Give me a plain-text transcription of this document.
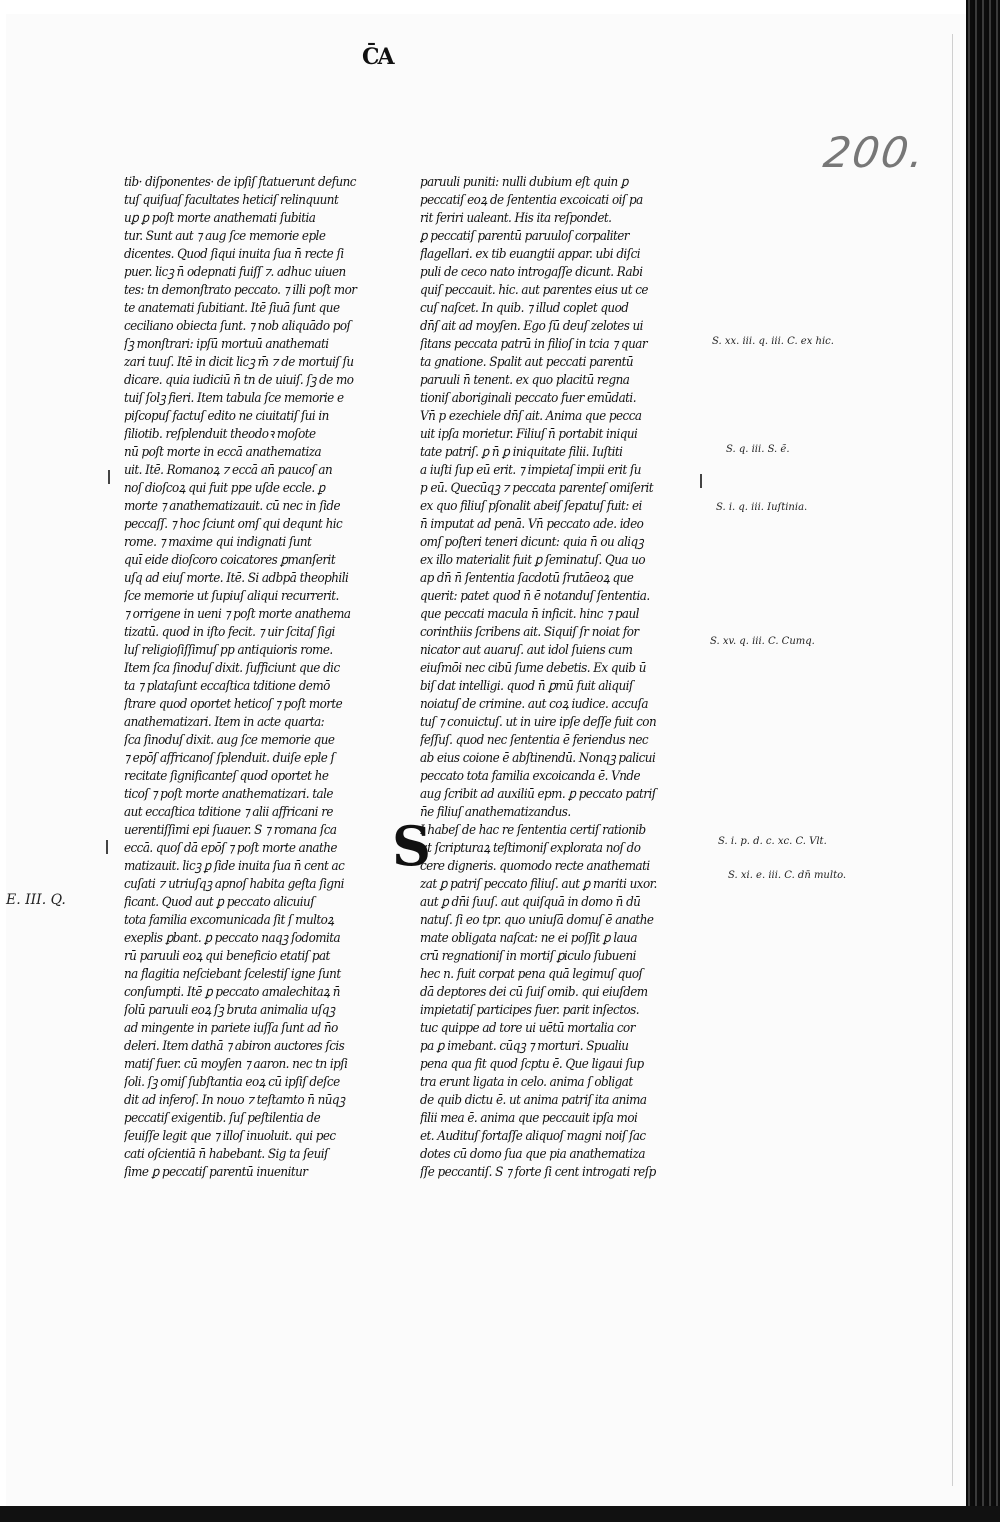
C̄A
200.

tib· diſponentes· de ipſiſ ſtatuerunt defunc

tuſ quiſuaſ facultates heticiſ relinquunt

uꝑ ꝑ poſt morte anathemati ſubitia

tur. Sunt aut ⁊ aug ſce memorie eple

dicentes. Quod ſiqui inuita ſua n̄ recte ſi

puer. licꝫ n̄ odepnati fuiſſ ⁊. adhuc uiuen

tes: t̄n demonſtrato peccato. ⁊ illi poſt mor

te anatemati ſubitiant. Itē ſiuā ſunt que

ceciliano obiecta ſunt. ⁊ nob aliquādo poſ

ſꝫ monſtrari: ipſū mortuū anathemati

zari tuuſ. Itē in dicit licꝫ m̄ ⁊ de mortuiſ ſu

dicare. quia iudiciū n̄ t̄n de uiuiſ. ſꝫ de mo

tuiſ ſolꝫ fieri. Item tabula ſce memorie e

piſcopuſ factuſ edito ne ciuitatiſ ſui in

ſiliotib. reſplenduit theodoꝛ moſote

nū poſt morte in eccā anathematiza

uit. Itē. Romanoꝝ ⁊ eccā an̄ paucoſ an

noſ dioſcoꝝ qui fuit ppe uſde eccle. ꝑ

morte ⁊ anathematizauit. cū nec in ſide

peccaſſ. ⁊ hoc ſciunt omſ qui dequnt hic

rome. ⁊ maxime qui indignati ſunt

quī eide dioſcoro coicatores ꝑmanſerit

uſq ad eiuſ morte. Itē. Si adbpā theophili

ſce memorie ut ſupiuſ aliqui recurrerit.

⁊ orrigene in ueni ⁊ poſt morte anathema

tizatū. quod in iſto fecit. ⁊ uir ſcitaſ ſigi

luſ religioſiſſimuſ pp antiquioris rome.

Item ſca ſinoduſ dixit. ſufficiunt que dic

ta ⁊ plataſunt eccaſtica tditione demō

ſtrare quod oportet heticoſ ⁊ poſt morte

anathematizari. Item in acte quarta:

ſca ſinoduſ dixit. aug ſce memorie que

⁊ epōſ affricanoſ ſplenduit. duiſe eple ſ

recitate ſignificanteſ quod oportet he

ticoſ ⁊ poſt morte anathematizari. tale

aut eccaſtica tditione ⁊ alii affricani re

uerentiſſimi epi ſuauer. S ⁊ romana ſca

eccā. quoſ dā epōſ ⁊ poſt morte anathe

matizauit. licꝫ ꝑ ſide inuita ſua n̄ cent ac

cuſati ⁊ utriuſqꝫ apnoſ habita geſta ſigni

ficant. Quod aut ꝑ peccato alicuiuſ

tota familia excomunicada ſit ſ multoꝝ

exeplis ꝑbant. ꝑ peccato naqꝫ ſodomita

rū paruuli eoꝝ qui beneficio etatiſ pat

na flagitia neſciebant ſcelestiſ igne ſunt

conſumpti. Itē ꝑ peccato amalechitaꝝ n̄

ſolū paruuli eoꝝ ſꝫ bruta animalia uſqꝫ

ad mingente in pariete iuſſa ſunt ad n̄o

deleri. Item dathā ⁊ abiron auctores ſcis

matiſ fuer. cū moyſen ⁊ aaron. nec t̄n ipſi

ſoli. ſꝫ omiſ ſubſtantia eoꝝ cū ipſiſ deſce

dit ad inferoſ. In nouo ⁊ teſtamto n̄ nūqꝫ

peccatiſ exigentib. ſuſ peſtilentia de

ſeuiſſe legit que ⁊ illoſ inuoluit. qui pec

cati oſcientiā n̄ habebant. Sig ta ſeuiſ

ſime ꝑ peccatiſ parentū inuenitur

paruuli puniti: nulli dubium eſt quin ꝑ

peccatiſ eoꝝ de ſententia excoicati oiſ pa

rit feriri ualeant. His ita reſpondet.

ꝑ peccatiſ parentū paruuloſ corpaliter

flagellari. ex tib euangtii appar. ubi diſci

puli de ceco nato introgaſſe dicunt. Rabi

quiſ peccauit. hic. aut parentes eius ut ce

cuſ naſcet. In quib. ⁊ illud coplet quod

dn̄ſ ait ad moyſen. Ego ſū deuſ zelotes ui

ſitans peccata patrū in filioſ in tcia ⁊ quar

ta gnatione. Spalit aut peccati parentū

paruuli n̄ tenent. ex quo placitū regna

tioniſ aboriginali peccato fuer emūdati.

Vn̄ p ezechiele dn̄ſ ait. Anima que pecca

uit ipſa morietur. Filiuſ n̄ portabit iniqui

tate patriſ. ꝑ n̄ ꝑ iniquitate filii. Iuſtiti

a iuſti ſup eū erit. ⁊ impietaſ impii erit ſu

p eū. Quecūqꝫ ⁊ peccata parenteſ omiſerit

ex quo filiuſ pſonalit abeiſ ſepatuſ fuit: ei

n̄ imputat ad penā. Vn̄ peccato ade. ideo

omſ poſteri teneri dicunt: quia n̄ ou aliqꝫ

ex illo materialit fuit ꝑ ſeminatuſ. Qua uo

ap dn̄ n̄ ſententia ſacdotū ſrutāeoꝝ que

querit: patet quod n̄ ē notanduſ ſententia.

que peccati macula n̄ inficit. hinc ⁊ paul

corinthiis ſcribens ait. Siquiſ ſr noiat for

nicator aut auaruſ. aut idol ſuiens cum

eiuſmōi nec cibū ſume debetis. Ex quib ū

biſ dat intelligi. quod n̄ ꝑmū fuit aliquiſ

noiatuſ de crimine. aut coꝝ iudice. accuſa

tuſ ⁊ conuictuſ. ut in uire ipſe deſſe fuit con

feſſuſ. quod nec ſententia ē feriendus nec

ab eius coione ē abſtinendū. Nonqꝫ palicui

peccato tota familia excoicanda ē. Vnde

aug ſcribit ad auxiliū epm. ꝑ peccato patriſ

n̄e filiuſ anathematizandus.

I habeſ de hac re ſententia certiſ rationib

ut ſcripturaꝝ teſtimoniſ explorata noſ do

cere digneris. quomodo recte anathemati

zat ꝑ patriſ peccato filiuſ. aut ꝑ mariti uxor.

aut ꝑ dn̄i ſuuſ. aut quiſquā in domo n̄ dū

natuſ. ſi eo tpr. quo uniuſā domuſ ē anathe

mate obligata naſcat: ne ei poſſit ꝑ laua

crū regnationiſ in mortiſ ꝑiculo ſubueni

hec n. fuit corpat pena quā legimuſ quoſ

dā deptores dei cū ſuiſ omib. qui eiuſdem

impietatiſ participes fuer. parit inſectos.

tuc quippe ad tore ui uētū mortalia cor

pa ꝑ imebant. cūqꝫ ⁊ morturi. Spualiu

pena qua fit quod ſcptu ē. Que ligaui ſup

tra erunt ligata in celo. anima ſ obligat

de quib dictu ē. ut anima patriſ ita anima

filii mea ē. anima que peccauit ipſa moi

et. Audituſ fortaſſe aliquoſ magni noiſ ſac

dotes cū domo ſua que pia anathematiza

ſſe peccantiſ. S ⁊ forte ſi cent introgati reſp

S
E. III. Q.
S. xx. iii. q. iii. C. ex hic.
S. q. iii. S. ẽ.
S. i. q. iii. Iuſtinia.
S. xv. q. iii. C. Cumq.
S. i. p. d. c. xc. C. Vlt.
S. xi. e. iii. C. dn̄ multo.
